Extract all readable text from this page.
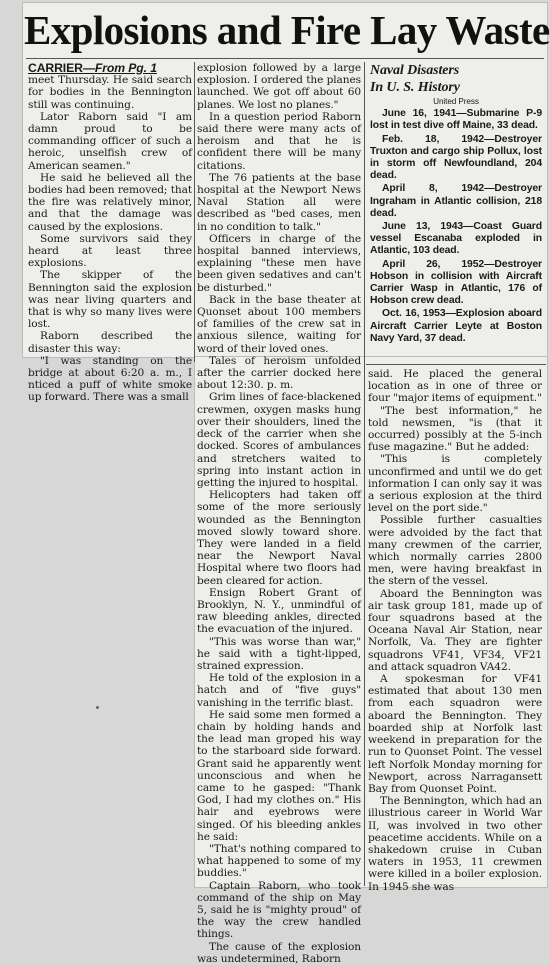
Explosions and Fire Lay Waste

CARRIER—From Pg. 1

meet Thursday. He said search for bodies in the Bennington still was continuing.

Lator Raborn said "I am damn proud to be commanding officer of such a heroic, unselfish crew of American seamen."

He said he believed all the bodies had been removed; that the fire was relatively minor, and that the damage was caused by the explosions.

Some survivors said they heard at least three explosions.

The skipper of the Bennington said the explosion was near living quarters and that is why so many lives were lost.

Raborn described the disaster this way:

"I was standing on the bridge at about 6:20 a. m., I nticed a puff of white smoke up forward. There was a small

explosion followed by a large explosion. I ordered the planes launched. We got off about 60 planes. We lost no planes."

In a question period Raborn said there were many acts of heroism and that he is confident there will be many citations.

The 76 patients at the base hospital at the Newport News Naval Station all were described as "bed cases, men in no condition to talk."

Officers in charge of the hospital banned interviews, explaining "these men have been given sedatives and can't be disturbed."

Back in the base theater at Quonset about 100 members of families of the crew sat in anxious silence, waiting for word of their loved ones.

Tales of heroism unfolded after the carrier docked here about 12:30. p. m.

Grim lines of face-blackened crewmen, oxygen masks hung over their shoulders, lined the deck of the carrier when she docked. Scores of ambulances and stretchers waited to spring into instant action in getting the injured to hospital.

Helicopters had taken off some of the more seriously wounded as the Bennington moved slowly toward shore. They were landed in a field near the Newport Naval Hospital where two floors had been cleared for action.

Ensign Robert Grant of Brooklyn, N. Y., unmindful of raw bleeding ankles, directed the evacuation of the injured.

"This was worse than war," he said with a tight-lipped, strained expression.

He told of the explosion in a hatch and of "five guys" vanishing in the terrific blast.

He said some men formed a chain by holding hands and the lead man groped his way to the starboard side forward. Grant said he apparently went unconscious and when he came to he gasped: "Thank God, I had my clothes on." His hair and eyebrows were singed. Of his bleeding ankles he said:

"That's nothing compared to what happened to some of my buddies."

Captain Raborn, who took command of the ship on May 5, said he is "mighty proud" of the way the crew handled things.

The cause of the explosion was undetermined, Raborn

Naval Disasters

In U. S. History

United Press

June 16, 1941—Submarine P-9 lost in test dive off Maine, 33 dead.

Feb. 18, 1942—Destroyer Truxton and cargo ship Pollux, lost in storm off Newfoundland, 204 dead.

April 8, 1942—Destroyer Ingraham in Atlantic collision, 218 dead.

June 13, 1943—Coast Guard vessel Escanaba exploded in Atlantic, 103 dead.

April 26, 1952—Destroyer Hobson in collision with Aircraft Carrier Wasp in Atlantic, 176 of Hobson crew dead.

Oct. 16, 1953—Explosion aboard Aircraft Carrier Leyte at Boston Navy Yard, 37 dead.

said. He placed the general location as in one of three or four "major items of equipment."

"The best information," he told newsmen, "is (that it occurred) possibly at the 5-inch fuse magazine." But he added:

"This is completely unconfirmed and until we do get information I can only say it was a serious explosion at the third level on the port side."

Possible further casualties were advoided by the fact that many crewmen of the carrier, which normally carries 2800 men, were having breakfast in the stern of the vessel.

Aboard the Bennington was air task group 181, made up of four squadrons based at the Oceana Naval Air Station, near Norfolk, Va. They are fighter squadrons VF41, VF34, VF21 and attack squadron VA42.

A spokesman for VF41 estimated that about 130 men from each squadron were aboard the Bennington. They boarded ship at Norfolk last weekend in preparation for the run to Quonset Point. The vessel left Norfolk Monday morning for Newport, across Narragansett Bay from Quonset Point.

The Bennington, which had an illustrious career in World War II, was involved in two other peacetime accidents. While on a shakedown cruise in Cuban waters in 1953, 11 crewmen were killed in a boiler explosion. In 1945 she was
